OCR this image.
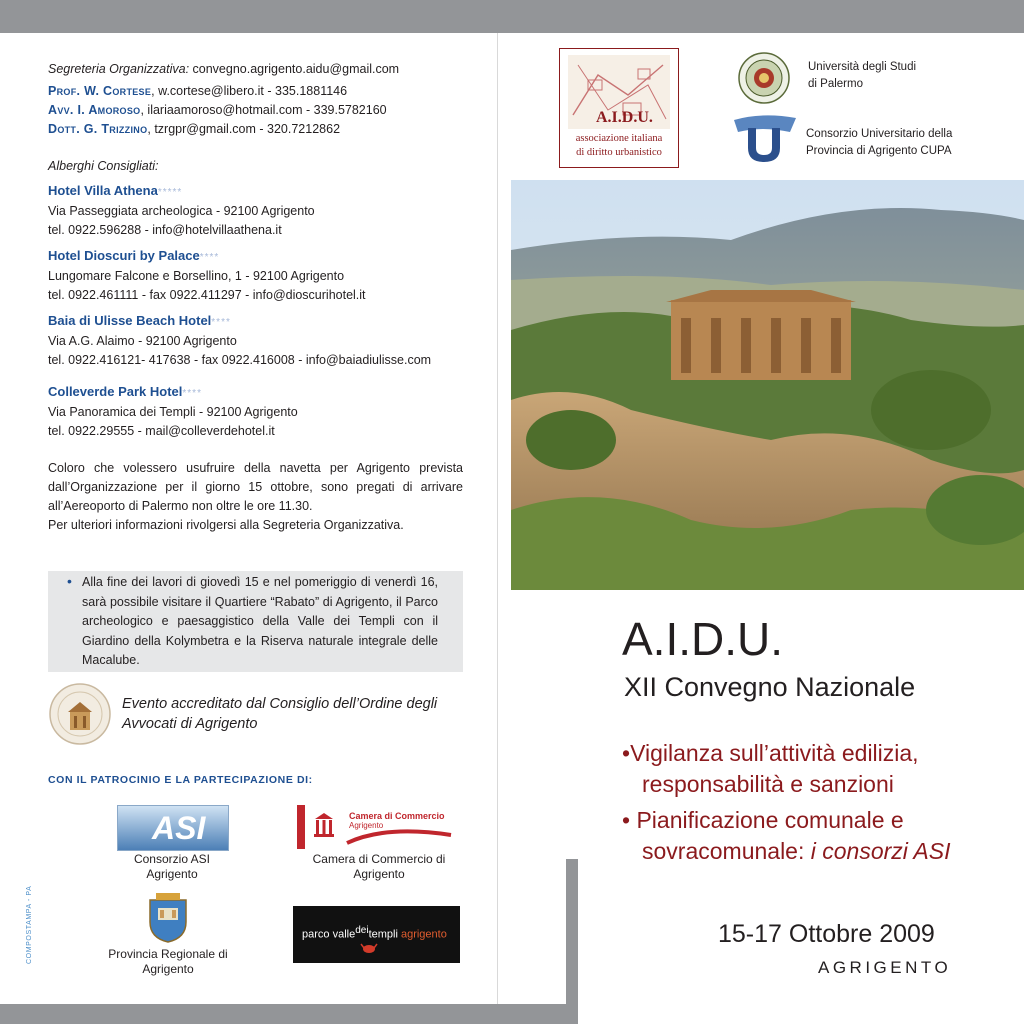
Segreteria Organizzativa: convegno.agrigento.aidu@gmail.com
Prof. W. Cortese, w.cortese@libero.it - 335.1881146
Avv. I. Amoroso, ilariaamoroso@hotmail.com - 339.5782160
Dott. G. Trizzino, tzrgpr@gmail.com - 320.7212862
Alberghi Consigliati:
Hotel Villa Athena*****
Via Passeggiata archeologica - 92100 Agrigento
tel. 0922.596288 - info@hotelvillaathena.it
Hotel Dioscuri by Palace****
Lungomare Falcone e Borsellino, 1 - 92100 Agrigento
tel. 0922.461111 - fax 0922.411297 - info@dioscurihotel.it
Baia di Ulisse Beach Hotel****
Via A.G. Alaimo - 92100 Agrigento
tel. 0922.416121- 417638 - fax 0922.416008 - info@baiadiulisse.com
Colleverde Park Hotel****
Via Panoramica dei Templi - 92100 Agrigento
tel. 0922.29555 - mail@colleverdehotel.it
Coloro che volessero usufruire della navetta per Agrigento prevista dall’Organizzazione per il giorno 15 ottobre, sono pregati di arrivare all’Aereoporto di Palermo non oltre le ore 11.30.
Per ulteriori informazioni rivolgersi alla Segreteria Organizzativa.
• Alla fine dei lavori di giovedì 15 e nel pomeriggio di venerdì 16, sarà possibile visitare il Quartiere “Rabato” di Agrigento, il Parco archeologico e paesaggistico della Valle dei Templi con il Giardino della Kolymbetra e la Riserva naturale integrale delle Macalube.
Evento accreditato dal Consiglio dell’Ordine degli Avvocati di Agrigento
CON IL PATROCINIO E LA PARTECIPAZIONE DI:
ASI
Consorzio ASI Agrigento
Camera di Commercio
Agrigento
Camera di Commercio di Agrigento
Provincia Regionale di Agrigento
parco valle$^{dei}$templi agrigento
COMPOSTAMPA - PA
A.I.D.U.
associazione italiana
di diritto urbanistico
Università degli Studi di Palermo
Consorzio Universitario della Provincia di Agrigento CUPA
A.I.D.U.
XII Convegno Nazionale
•Vigilanza sull’attività edilizia,
responsabilità e sanzioni
• Pianificazione comunale e
sovracomunale: i consorzi ASI
15-17 Ottobre 2009
AGRIGENTO
